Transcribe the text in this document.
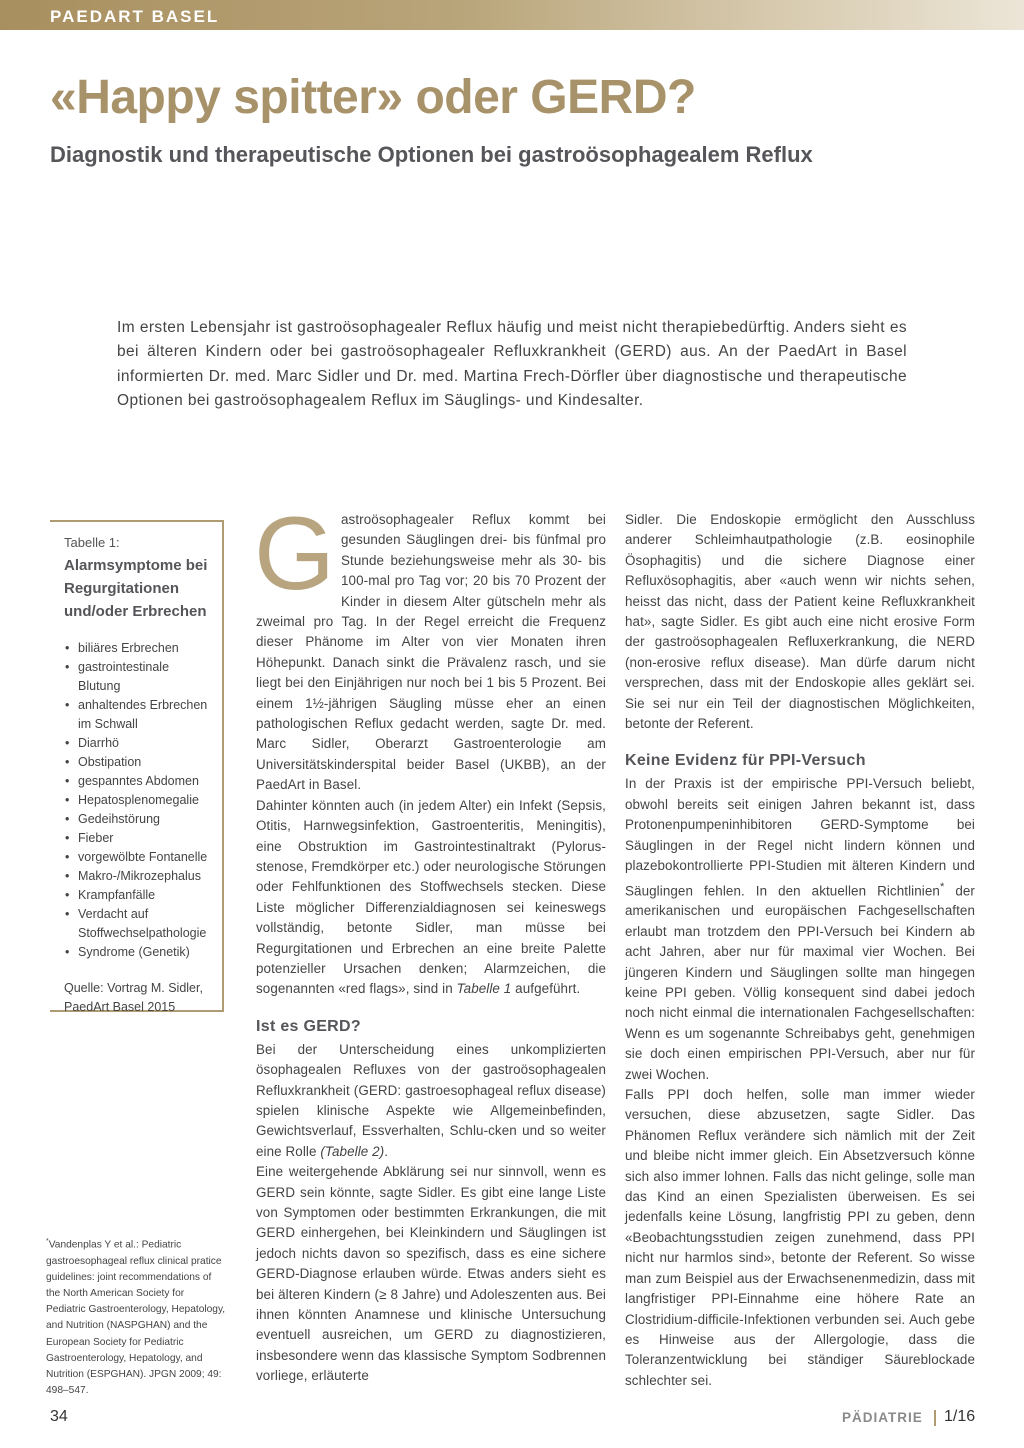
PAEDART BASEL
«Happy spitter» oder GERD?
Diagnostik und therapeutische Optionen bei gastroösophagealem Reflux

Im ersten Lebensjahr ist gastroösophagealer Reflux häufig und meist nicht therapiebedürftig. Anders sieht es bei älteren Kindern oder bei gastroösophagealer Refluxkrankheit (GERD) aus. An der PaedArt in Basel informierten Dr. med. Marc Sidler und Dr. med. Martina Frech-Dörfler über diagnostische und therapeutische Optionen bei gastroösophagealem Reflux im Säuglings- und Kindesalter.

Tabelle 1:
Alarmsymptome bei Regurgitationen und/oder Erbrechen
• biliäres Erbrechen
• gastrointestinale Blutung
• anhaltendes Erbrechen im Schwall
• Diarrhö
• Obstipation
• gespanntes Abdomen
• Hepatosplenomegalie
• Gedeihstörung
• Fieber
• vorgewölbte Fontanelle
• Makro-/Mikrozephalus
• Krampfanfälle
• Verdacht auf Stoffwechselpathologie
• Syndrome (Genetik)
Quelle: Vortrag M. Sidler, PaedArt Basel 2015
*Vandenplas Y et al.: Pediatric gastroesophageal reflux clinical pratice guidelines: joint recommendations of the North American Society for Pediatric Gastroenterology, Hepatology, and Nutrition (NASPGHAN) and the European Society for Pediatric Gastroenterology, Hepatology, and Nutrition (ESPGHAN). JPGN 2009; 49: 498–547.

Gastroösophagealer Reflux kommt bei gesunden Säuglingen drei- bis fünfmal pro Stunde beziehungsweise mehr als 30- bis 100-mal pro Tag vor; 20 bis 70 Prozent der Kinder in diesem Alter gütscheln mehr als zweimal pro Tag. In der Regel erreicht die Frequenz dieser Phänome im Alter von vier Monaten ihren Höhepunkt. Danach sinkt die Prävalenz rasch, und sie liegt bei den Einjährigen nur noch bei 1 bis 5 Prozent. Bei einem 1½-jährigen Säugling müsse eher an einen pathologischen Reflux gedacht werden, sagte Dr. med. Marc Sidler, Oberarzt Gastroenterologie am Universitätskinderspital beider Basel (UKBB), an der PaedArt in Basel.

Dahinter könnten auch (in jedem Alter) ein Infekt (Sepsis, Otitis, Harnwegsinfektion, Gastroenteritis, Meningitis), eine Obstruktion im Gastrointestinaltrakt (Pylorus-stenose, Fremdkörper etc.) oder neurologische Störungen oder Fehlfunktionen des Stoffwechsels stecken. Diese Liste möglicher Differenzialdiagnosen sei keineswegs vollständig, betonte Sidler, man müsse bei Regurgitationen und Erbrechen an eine breite Palette potenzieller Ursachen denken; Alarmzeichen, die sogenannten «red flags», sind in Tabelle 1 aufgeführt.

Ist es GERD?

Bei der Unterscheidung eines unkomplizierten ösophagealen Refluxes von der gastroösophagealen Refluxkrankheit (GERD: gastroesophageal reflux disease) spielen klinische Aspekte wie Allgemeinbefinden, Gewichtsverlauf, Essverhalten, Schlu-cken und so weiter eine Rolle (Tabelle 2).

Eine weitergehende Abklärung sei nur sinnvoll, wenn es GERD sein könnte, sagte Sidler. Es gibt eine lange Liste von Symptomen oder bestimmten Erkrankungen, die mit GERD einhergehen, bei Kleinkindern und Säuglingen ist jedoch nichts davon so spezifisch, dass es eine sichere GERD-Diagnose erlauben würde. Etwas anders sieht es bei älteren Kindern (≥ 8 Jahre) und Adoleszenten aus. Bei ihnen könnten Anamnese und klinische Untersuchung eventuell ausreichen, um GERD zu diagnostizieren, insbesondere wenn das klassische Symptom Sodbrennen vorliege, erläuterte

Sidler. Die Endoskopie ermöglicht den Ausschluss anderer Schleimhautpathologie (z.B. eosinophile Ösophagitis) und die sichere Diagnose einer Refluxösophagitis, aber «auch wenn wir nichts sehen, heisst das nicht, dass der Patient keine Refluxkrankheit hat», sagte Sidler. Es gibt auch eine nicht erosive Form der gastroösophagealen Refluxerkrankung, die NERD (non-erosive reflux disease). Man dürfe darum nicht versprechen, dass mit der Endoskopie alles geklärt sei. Sie sei nur ein Teil der diagnostischen Möglichkeiten, betonte der Referent.

Keine Evidenz für PPI-Versuch

In der Praxis ist der empirische PPI-Versuch beliebt, obwohl bereits seit einigen Jahren bekannt ist, dass Protonenpumpeninhibitoren GERD-Symptome bei Säuglingen in der Regel nicht lindern können und plazebokontrollierte PPI-Studien mit älteren Kindern und Säuglingen fehlen. In den aktuellen Richtlinien* der amerikanischen und europäischen Fachgesellschaften erlaubt man trotzdem den PPI-Versuch bei Kindern ab acht Jahren, aber nur für maximal vier Wochen. Bei jüngeren Kindern und Säuglingen sollte man hingegen keine PPI geben. Völlig konsequent sind dabei jedoch noch nicht einmal die internationalen Fachgesellschaften: Wenn es um sogenannte Schreibabys geht, genehmigen sie doch einen empirischen PPI-Versuch, aber nur für zwei Wochen.

Falls PPI doch helfen, solle man immer wieder versuchen, diese abzusetzen, sagte Sidler. Das Phänomen Reflux verändere sich nämlich mit der Zeit und bleibe nicht immer gleich. Ein Absetzversuch könne sich also immer lohnen. Falls das nicht gelinge, solle man das Kind an einen Spezialisten überweisen. Es sei jedenfalls keine Lösung, langfristig PPI zu geben, denn «Beobachtungsstudien zeigen zunehmend, dass PPI nicht nur harmlos sind», betonte der Referent. So wisse man zum Beispiel aus der Erwachsenenmedizin, dass mit langfristiger PPI-Einnahme eine höhere Rate an Clostridium-difficile-Infektionen verbunden sei. Auch gebe es Hinweise aus der Allergologie, dass die Toleranzentwicklung bei ständiger Säureblockade schlechter sei.

34	PÄDIATRIE 1/16
